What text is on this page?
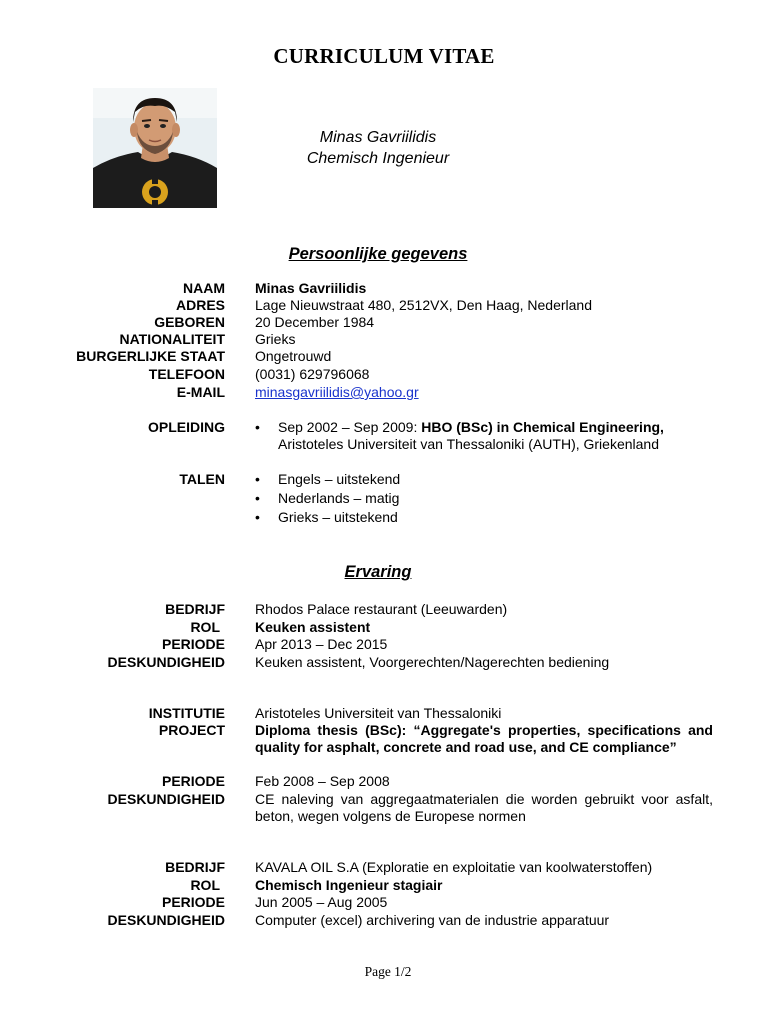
CURRICULUM VITAE
Minas Gavriilidis
Chemisch Ingenieur
Persoonlijke gegevens
NAAM Minas Gavriilidis
ADRES Lage Nieuwstraat 480, 2512VX, Den Haag, Nederland
GEBOREN 20 December 1984
NATIONALITEIT Grieks
BURGERLIJKE STAAT Ongetrouwd
TELEFOON (0031) 629796068
E-MAIL minasgavriilidis@yahoo.gr
OPLEIDING • Sep 2002 – Sep 2009: HBO (BSc) in Chemical Engineering,
Aristoteles Universiteit van Thessaloniki (AUTH), Griekenland
TALEN • Engels – uitstekend
• Nederlands – matig
• Grieks – uitstekend
Ervaring
BEDRIJF Rhodos Palace restaurant (Leeuwarden)
ROL	Keuken assistent
PERIODE Apr 2013 – Dec 2015
DESKUNDIGHEID Keuken assistent, Voorgerechten/Nagerechten bediening
INSTITUTIE Aristoteles Universiteit van Thessaloniki
PROJECT Diploma thesis (BSc): “Aggregate's properties, specifications and quality for asphalt, concrete and road use, and CE compliance”
PERIODE Feb 2008 – Sep 2008
DESKUNDIGHEID CE naleving van aggregaatmaterialen die worden gebruikt voor asfalt, beton, wegen volgens de Europese normen
BEDRIJF KAVALA OIL S.A (Exploratie en exploitatie van koolwaterstoffen)
ROL	Chemisch Ingenieur stagiair
PERIODE Jun 2005 – Aug 2005
DESKUNDIGHEID Computer (excel) archivering van de industrie apparatuur
Page 1/2
